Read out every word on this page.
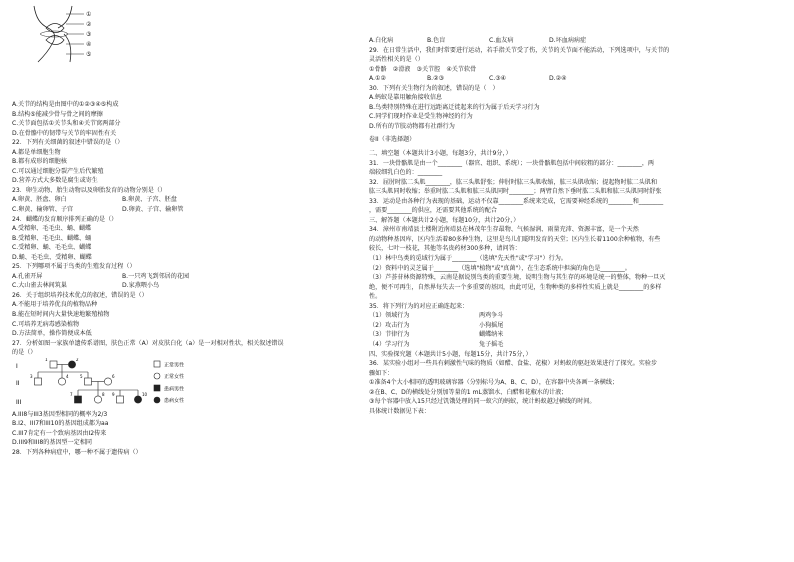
①
②
③
④
⑤
A.关节的结构是由图中的①②③④⑤构成
B.结构⑤能减少骨与骨之间的摩擦
C.关节面包括①关节头和④关节窝两部分
D.在骨骼中的韧带与关节的牢固性有关
22．下列有关细菌的叙述中错误的是（）
A.都是单细胞生物
B.都有成形的细胞核
C.可以通过细胞分裂产生后代繁殖
D.营养方式大多数是腐生或寄生
23．卵生动物、胎生动物以及卵胎发育的动物分别是（）
A.卵黄、胚盘、卵白	B.卵黄、子宫、胚盘
C.卵黄、输卵管、子宫	D.卵黄、子宫、输卵管
24．蝴蝶的发育顺序排列正确的是（）
A.受精卵、毛毛虫、蛹、蝴蝶
B.受精卵、毛毛虫、蝴蝶、蛹
C.受精卵、蛹、毛毛虫、蝴蝶
D.蛹、毛毛虫、受精卵、蝴蝶
25．下列哪项不属于鸟类的生殖发育过程（）
A.孔雀开屏	B.一只鸡飞到邻居的花园
C.大山雀去林间筑巢	D.家燕喂小鸟
26．关于组织培养技术优点的叙述，错误的是（）
A.不能用于培养优良的植物品种
B.能在短时间内大量快速地繁殖植物
C.可培养无病毒感染植物
D.方法简单，操作简便成本低
27．分析如图一家族单遗传系谱图，肤色正常（A）对皮肤白化（a）是一对相对性状，相关叙述错误
的是（）
I
II
III
正常男性
正常女性
患病男性
患病女性
1	2
3	4	5	6
7	8 9	10
A.III8与III3基因型相同的概率为2/3
B.I2、III7和III10的基因组成都为aa
C.III7肯定有一个致病基因由I2传来
D.III9和III8的基因型一定相同
28．下列各种病症中，哪一种不属于遗传病（）
A.白化病	B.色盲	C.血友病	D.坏血病病症
29．在日常生活中，我们时常要进行运动，若手指关节受了伤，关节的关节面不能活动，下列选项中，与关节的
灵活性相关的是（）
①骨骼　②滑液　③关节腔　④关节软骨
A.①②	B.②③	C.③④	D.②④
30．下列有关生物行为的叙述，错误的是（　）
A.蚂蚁是靠用触角接收信息
B.鸟类特别特殊在进行远距离迁徙起来的行为属于后天学习行为
C.同学们现时作业是受生物神经的行为
D.所有的节肢动物都有社群行为
卷II（非选择题）
二、填空题（本题共计3小题，每题3分，共计9分，）
31．一块骨骼肌是由一个________（器官、组织、系统）；一块骨骼肌包括中间较粗的部分：________，两
端较细乳白色的：________
32．屈肘时肱二头肌________，肱三头肌舒张；伸肘时肱三头肌收缩，肱三头肌收缩；提起物时肱二头肌和
肱三头肌同时收缩；举重时肱二头肌和肱三头肌同时________；两臂自然下垂时肱二头肌和肱三头肌同时舒张
33．运动是由各种行为表现的基础，运动不仅靠________系统来完成，它需要神经系统的________和________
，需要________的供应，还需要其他系统的配合
三、解答题（本题共计2小题，每题10分，共计20分，）
34．漳州市南靖县土楼附近南靖县在林茂年生存最物、气候湿润、雨量充沛、资源丰富，是一个天然
的动物种基因库，区内生活着80多种生物，这里是鸟儿们聪明发育的天堂；区内生长着1100余种植物，有些
较长，七叶一枝花，其他等名贵药材300多种，请问答：
（1）林中鸟类的觅域行为属于________（选填"先天性"或"学习"）行为。
（2）资料中的灵芝属于________（选填"植物"或"真菌"），在生态系统中担演的角色是________。
（3）芦荟苷林资源特殊，云南是据说别鸟类的重要生境，说明生物与其生存的环境是统一的整体，物种一旦灭
绝，便不可再生，自然界每失去一个多重要的基因，由此可见，生物种类的多样性实质上就是________的多样
性。
35．将下列行为的对应正确连起来：
（1）领域行为	两鸡争斗
（2）攻击行为	小狗摇尾
（3）节律行为	蝴蝶纳米
（4）学习行为	兔子摇毛
四、实验探究题（本题共计5小题，每题15分，共计75分，）
36．某实验小组对一些具有刺激性气味的物质（如醋、食盐、花椒）对蚂蚁的驱赶效果进行了探究。实验步
骤如下：
①准备4个大小相同的透明玻璃容器（分别标号为A、B、C、D），在容器中央各画一条横线；
②在B、C、D的横线处分别加等量的1 mL蒸馏水、白醋和花椒水的计液；
③每个容器中放入15只经过饥饿处理的同一蚁穴的蚂蚁，统计蚂蚁越过横线的时间。
具体统计数据见下表：
